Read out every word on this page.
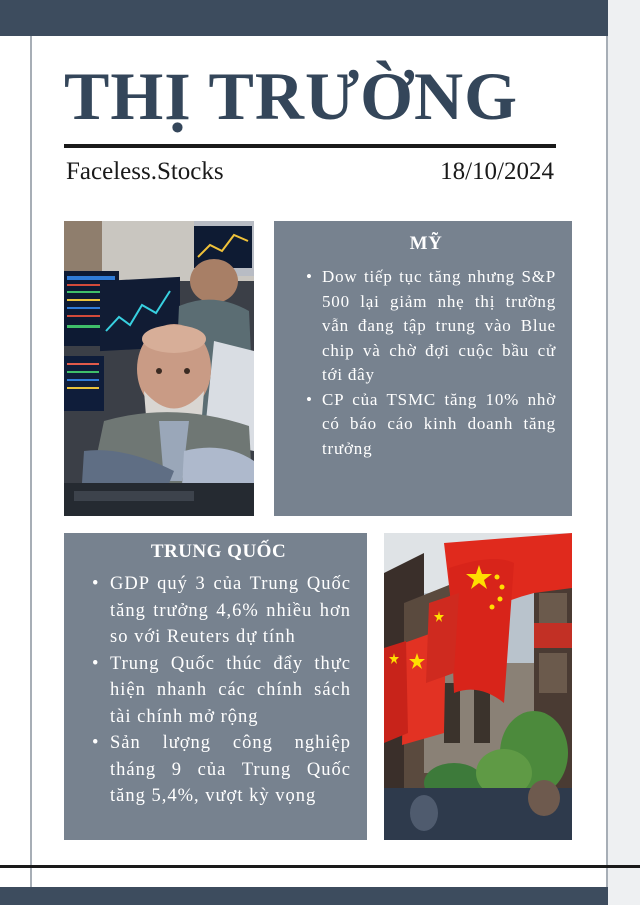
THỊ TRƯỜNG
Faceless.Stocks	18/10/2024
MỸ
• Dow tiếp tục tăng nhưng S&P 500 lại giảm nhẹ thị trường vẫn đang tập trung vào Blue chip và chờ đợi cuộc bầu cử tới đây
• CP của TSMC tăng 10% nhờ có báo cáo kinh doanh tăng trưởng
TRUNG QUỐC
• GDP quý 3 của Trung Quốc tăng trưởng 4,6% nhiều hơn so với Reuters dự tính
• Trung Quốc thúc đẩy thực hiện nhanh các chính sách tài chính mở rộng
• Sản lượng công nghiệp tháng 9 của Trung Quốc tăng 5,4%, vượt kỳ vọng
